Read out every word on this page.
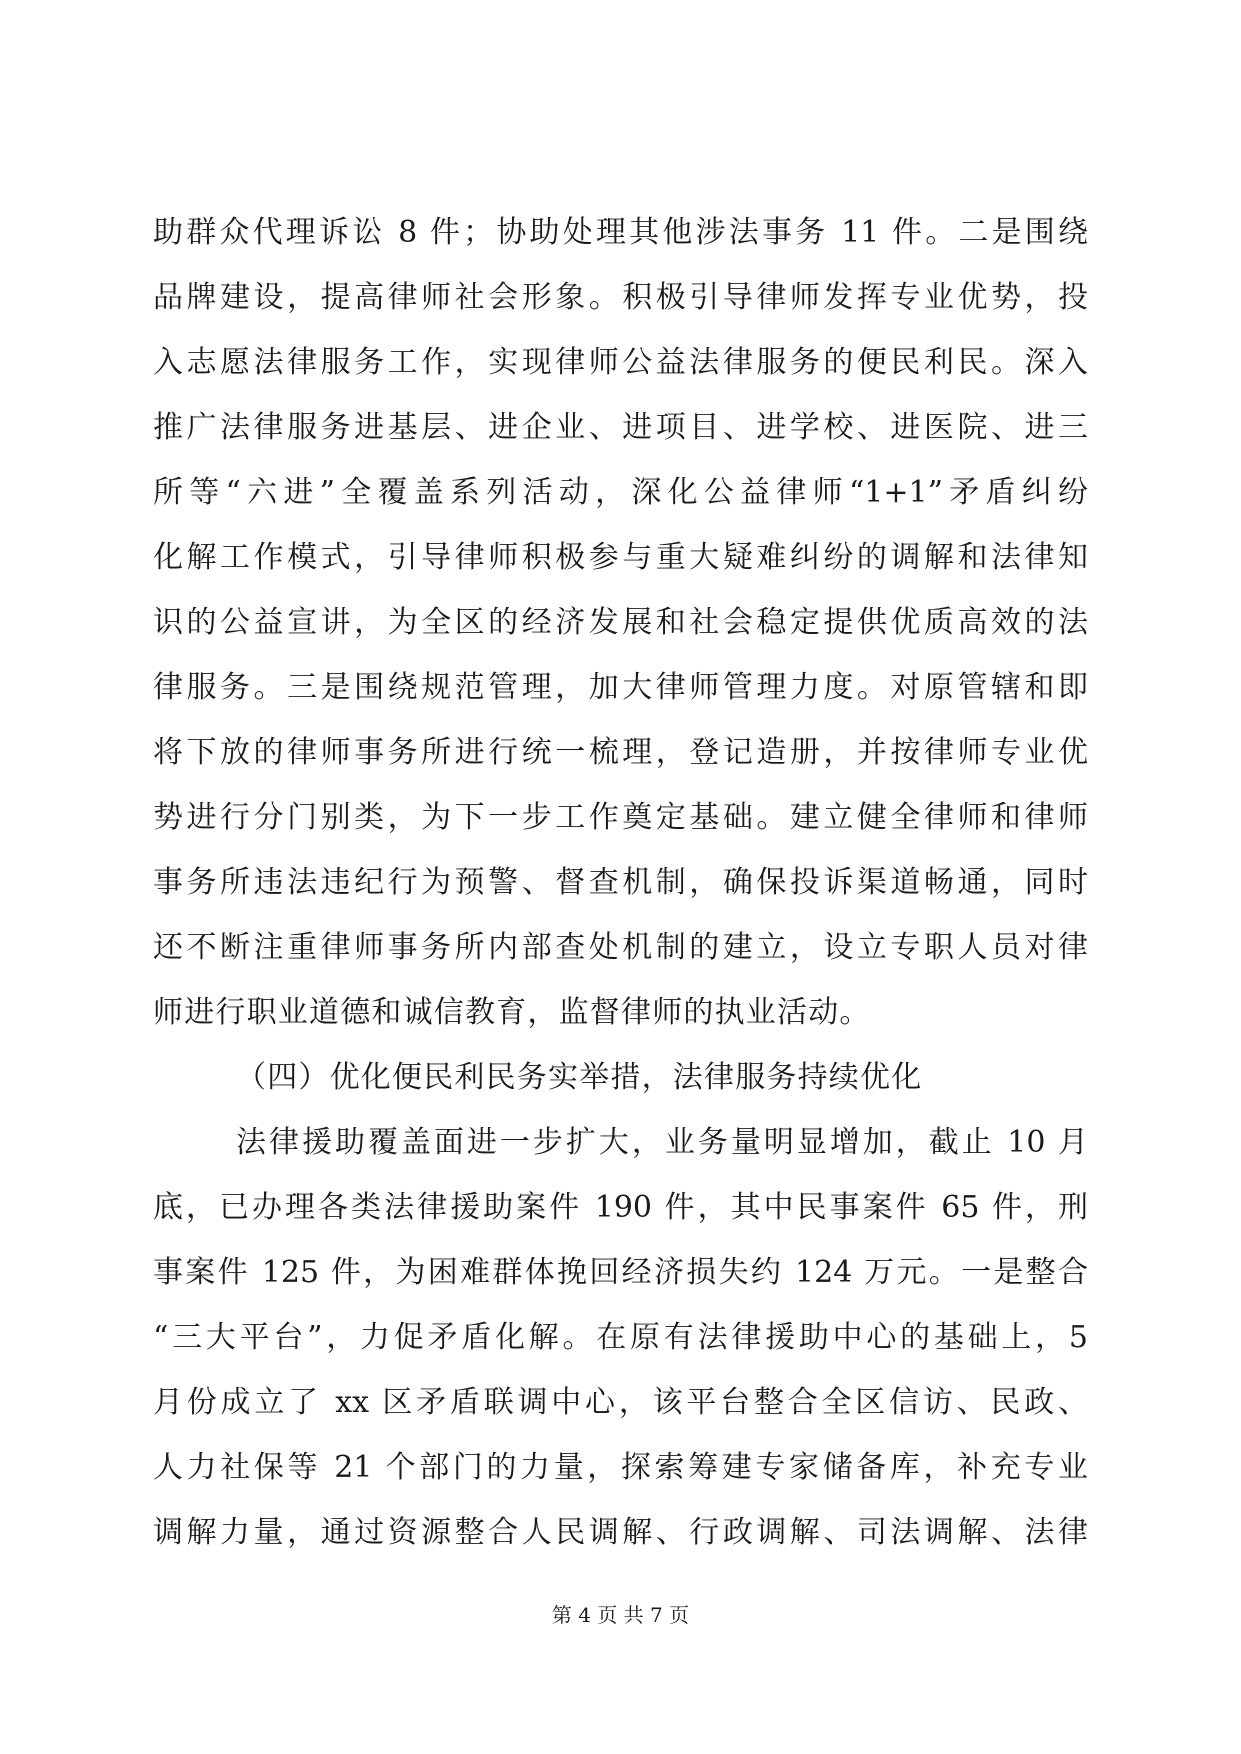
助群众代理诉讼 8 件；协助处理其他涉法事务 11 件。二是围绕
品牌建设，提高律师社会形象。积极引导律师发挥专业优势，投
入志愿法律服务工作，实现律师公益法律服务的便民利民。深入
推广法律服务进基层、进企业、进项目、进学校、进医院、进三
所等“六进”全覆盖系列活动，深化公益律师“1+1”矛盾纠纷
化解工作模式，引导律师积极参与重大疑难纠纷的调解和法律知
识的公益宣讲，为全区的经济发展和社会稳定提供优质高效的法
律服务。三是围绕规范管理，加大律师管理力度。对原管辖和即
将下放的律师事务所进行统一梳理，登记造册，并按律师专业优
势进行分门别类，为下一步工作奠定基础。建立健全律师和律师
事务所违法违纪行为预警、督查机制，确保投诉渠道畅通，同时
还不断注重律师事务所内部查处机制的建立，设立专职人员对律
师进行职业道德和诚信教育，监督律师的执业活动。
（四）优化便民利民务实举措，法律服务持续优化
法律援助覆盖面进一步扩大，业务量明显增加，截止 10 月
底，已办理各类法律援助案件 190 件，其中民事案件 65 件，刑
事案件 125 件，为困难群体挽回经济损失约 124 万元。一是整合
“三大平台”，力促矛盾化解。在原有法律援助中心的基础上，5
月份成立了 xx 区矛盾联调中心，该平台整合全区信访、民政、
人力社保等 21 个部门的力量，探索筹建专家储备库，补充专业
调解力量，通过资源整合人民调解、行政调解、司法调解、法律
第 4 页 共 7 页
